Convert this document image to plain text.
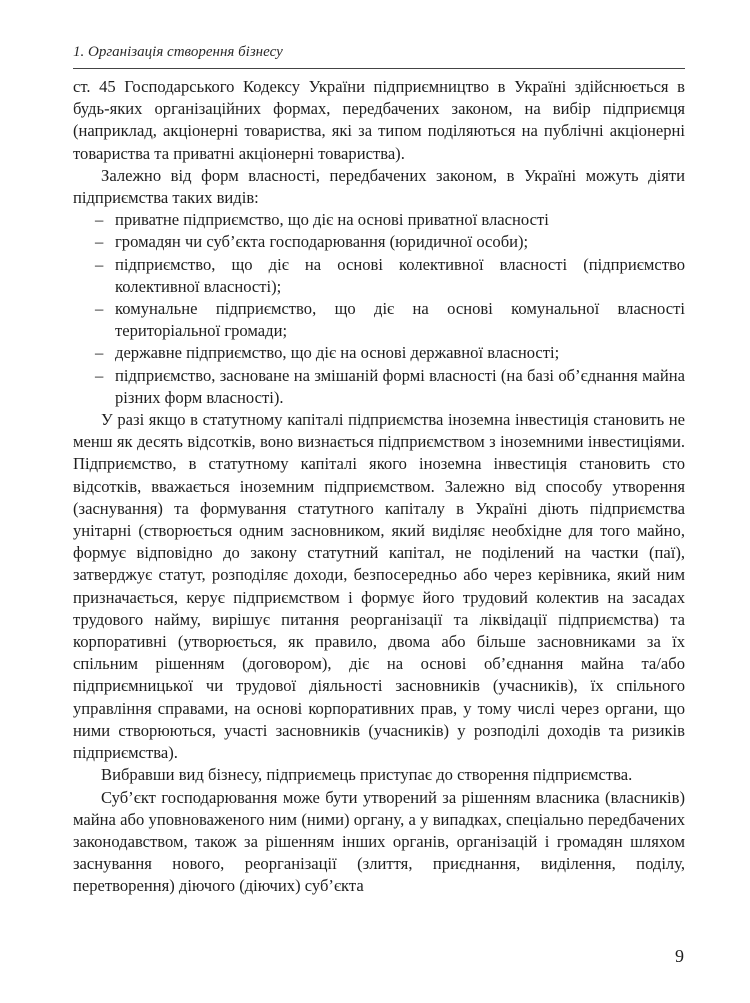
1. Організація створення бізнесу

ст. 45 Господарського Кодексу України підприємництво в Україні здійснюється в будь-яких організаційних формах, передбачених законом, на вибір підприємця (наприклад, акціонерні товариства, які за типом поділяються на публічні акціонерні товариства та приватні акціонерні товариства).

Залежно від форм власності, передбачених законом, в Україні можуть діяти підприємства таких видів:

– приватне підприємство, що діє на основі приватної власності
– громадян чи суб’єкта господарювання (юридичної особи);
– підприємство, що діє на основі колективної власності (підприємство колективної власності);
– комунальне підприємство, що діє на основі комунальної власності територіальної громади;
– державне підприємство, що діє на основі державної власності;
– підприємство, засноване на змішаній формі власності (на базі об’єднання майна різних форм власності).

У разі якщо в статутному капіталі підприємства іноземна інвестиція становить не менш як десять відсотків, воно визнається підприємством з іноземними інвестиціями. Підприємство, в статутному капіталі якого іноземна інвестиція становить сто відсотків, вважається іноземним підприємством. Залежно від способу утворення (заснування) та формування статутного капіталу в Україні діють підприємства унітарні (створюється одним засновником, який виділяє необхідне для того майно, формує відповідно до закону статутний капітал, не поділений на частки (паї), затверджує статут, розподіляє доходи, безпосередньо або через керівника, який ним призначається, керує підприємством і формує його трудовий колектив на засадах трудового найму, вирішує питання реорганізації та ліквідації підприємства) та корпоративні (утворюється, як правило, двома або більше засновниками за їх спільним рішенням (договором), діє на основі об’єднання майна та/або підприємницької чи трудової діяльності засновників (учасників), їх спільного управління справами, на основі корпоративних прав, у тому числі через органи, що ними створюються, участі засновників (учасників) у розподілі доходів та ризиків підприємства).

Вибравши вид бізнесу, підприємець приступає до створення підприємства.

Суб’єкт господарювання може бути утворений за рішенням власника (власників) майна або уповноваженого ним (ними) органу, а у випадках, спеціально передбачених законодавством, також за рішенням інших органів, організацій і громадян шляхом заснування нового, реорганізації (злиття, приєднання, виділення, поділу, перетворення) діючого (діючих) суб’єкта

9
